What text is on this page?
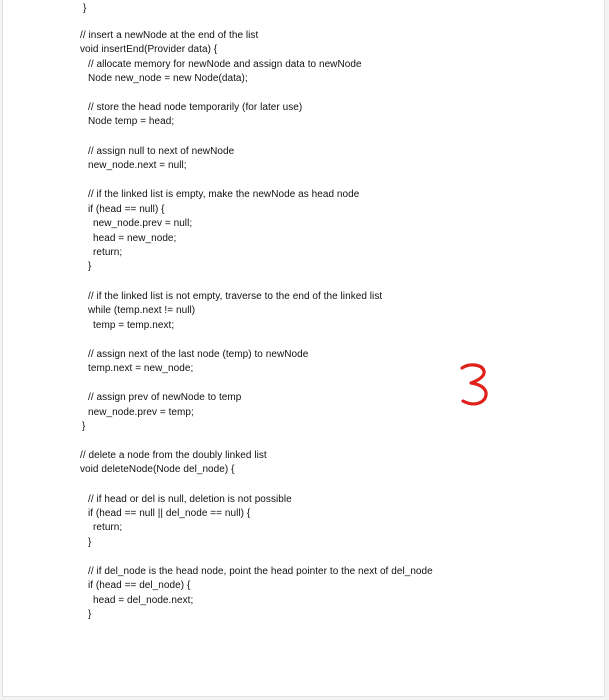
}
// insert a newNode at the end of the list
void insertEnd(Provider data) {
// allocate memory for newNode and assign data to newNode
Node new_node = new Node(data);
// store the head node temporarily (for later use)
Node temp = head;
// assign null to next of newNode
new_node.next = null;
// if the linked list is empty, make the newNode as head node
if (head == null) {
new_node.prev = null;
head = new_node;
return;
}
// if the linked list is not empty, traverse to the end of the linked list
while (temp.next != null)
temp = temp.next;
// assign next of the last node (temp) to newNode
temp.next = new_node;
// assign prev of newNode to temp
new_node.prev = temp;
}
// delete a node from the doubly linked list
void deleteNode(Node del_node) {
// if head or del is null, deletion is not possible
if (head == null || del_node == null) {
return;
}
// if del_node is the head node, point the head pointer to the next of del_node
if (head == del_node) {
head = del_node.next;
}
